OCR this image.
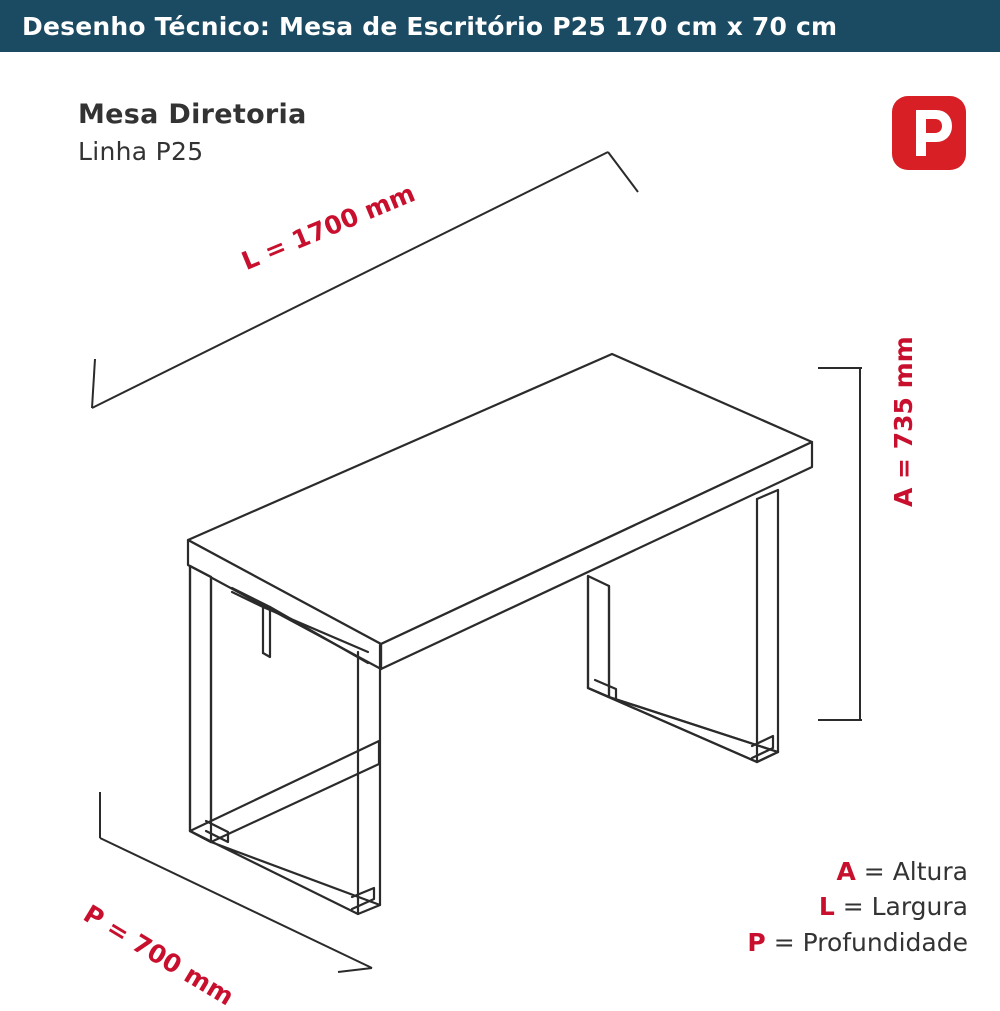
Desenho Técnico: Mesa de Escritório P25 170 cm x 70 cm
Mesa Diretoria
Linha P25
L = 1700 mm
P = 700 mm
A = 735 mm
A = Altura
L = Largura
P = Profundidade
